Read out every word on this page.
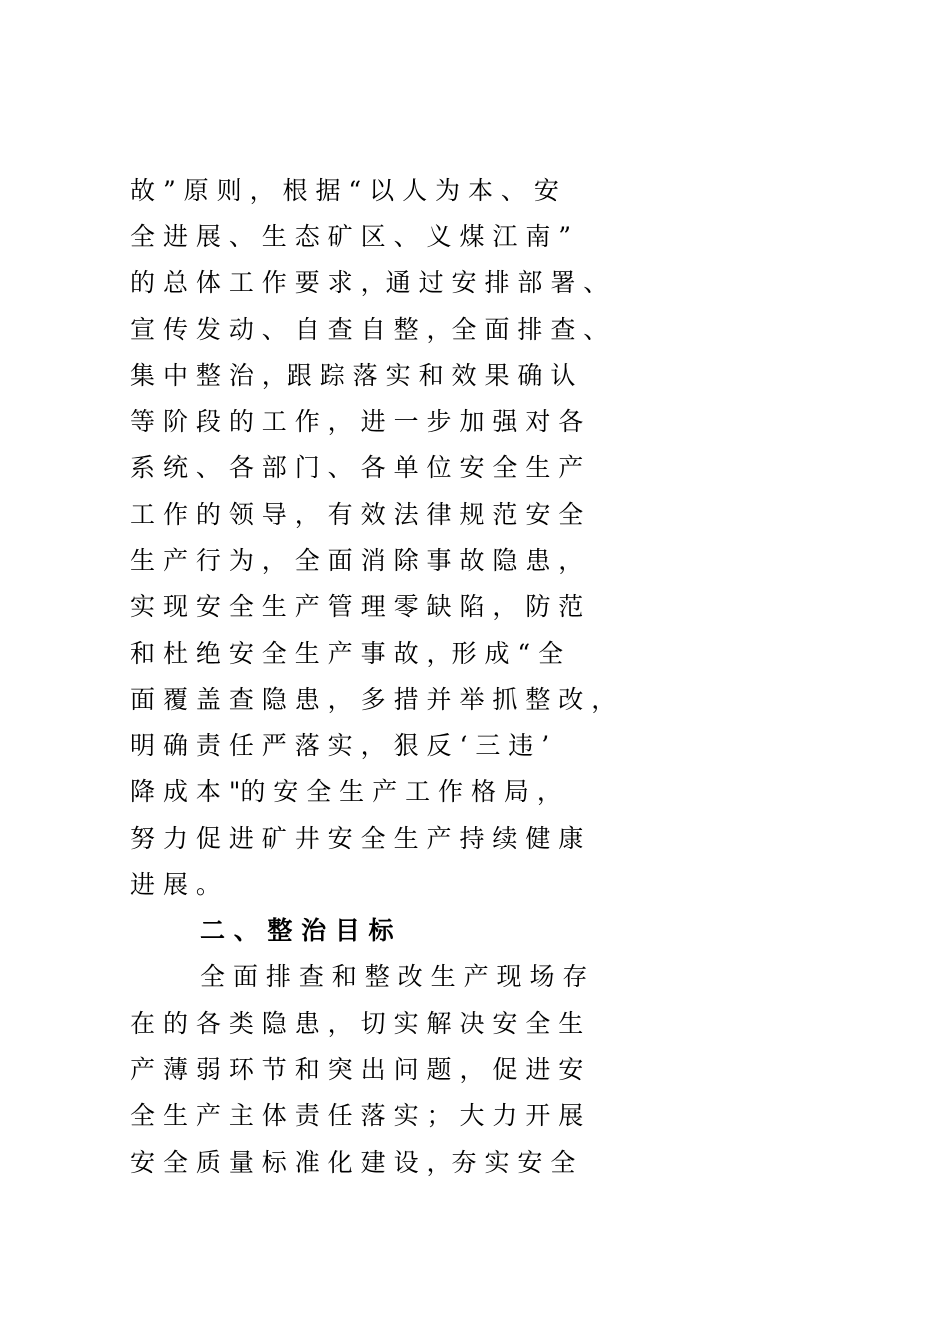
故 ” 原 则 ， 根 据 “ 以 人 为 本 、 安
全 进 展 、 生 态 矿 区 、 义 煤 江 南 ”
的 总 体 工 作 要 求 ，通 过 安 排 部 署 、
宣 传 发 动 、 自 查 自 整 ，全 面 排 查 、
集 中 整 治 ，跟 踪 落 实 和 效 果 确 认
等 阶 段 的 工 作 ， 进 一 步 加 强 对 各
系 统 、 各 部 门 、 各 单 位 安 全 生 产
工 作 的 领 导 ， 有 效 法 律 规 范 安 全
生 产 行 为 ， 全 面 消 除 事 故 隐 患 ，
实 现 安 全 生 产 管 理 零 缺 陷 ， 防 范
和 杜 绝 安 全 生 产 事 故 ，形 成 “ 全
面 覆 盖 查 隐 患 ， 多 措 并 举 抓 整 改 ，
明 确 责 任 严 落 实 ， 狠 反 ‘ 三 违 ’
降 成 本 "的 安 全 生 产 工 作 格 局 ，
努 力 促 进 矿 井 安 全 生 产 持 续 健 康
进 展 。
二 、 整 治 目 标
全 面 排 查 和 整 改 生 产 现 场 存
在 的 各 类 隐 患 ， 切 实 解 决 安 全 生
产 薄 弱 环 节 和 突 出 问 题 ， 促 进 安
全 生 产 主 体 责 任 落 实 ； 大 力 开 展
安 全 质 量 标 准 化 建 设 ，夯 实 安 全
